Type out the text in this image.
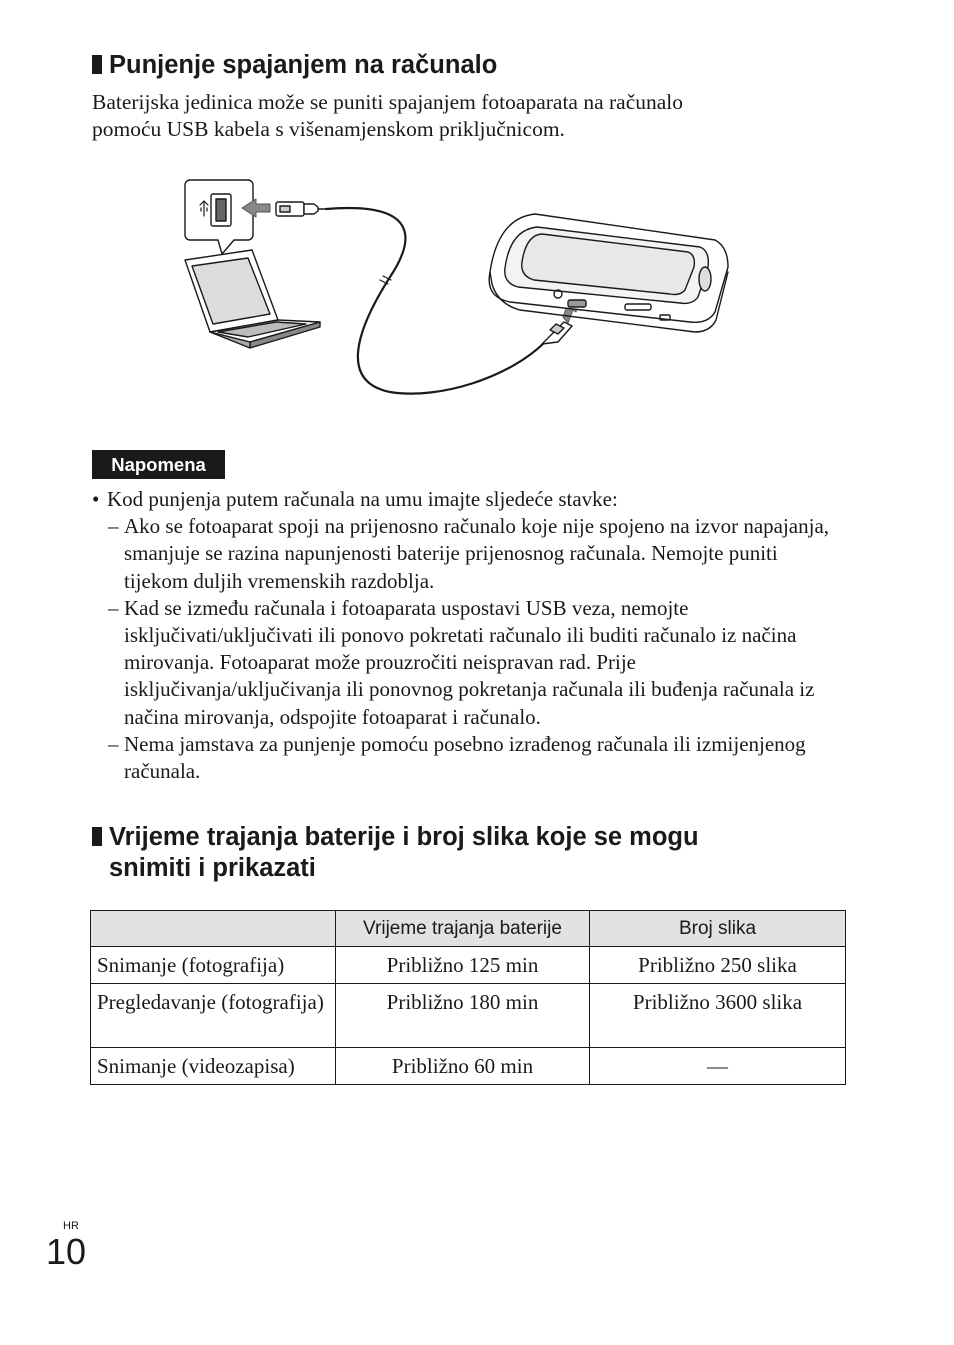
Punjenje spajanjem na računalo

Baterijska jedinica može se puniti spajanjem fotoaparata na računalo

pomoću USB kabela s višenamjenskom priključnicom.

Napomena
• Kod punjenja putem računala na umu imajte sljedeće stavke:
– Ako se fotoaparat spoji na prijenosno računalo koje nije spojeno na izvor napajanja, smanjuje se razina napunjenosti baterije prijenosnog računala. Nemojte puniti tijekom duljih vremenskih razdoblja.
– Kad se između računala i fotoaparata uspostavi USB veza, nemojte isključivati/uključivati ili ponovo pokretati računalo ili buditi računalo iz načina mirovanja. Fotoaparat može prouzročiti neispravan rad. Prije isključivanja/uključivanja ili ponovnog pokretanja računala ili buđenja računala iz načina mirovanja, odspojite fotoaparat i računalo.
– Nema jamstava za punjenje pomoću posebno izrađenog računala ili izmijenjenog računala.
Vrijeme trajanja baterije i broj slika koje se mogu
snimiti i prikazati
	Vrijeme trajanja baterije	Broj slika
Snimanje (fotografija)	Približno 125 min	Približno 250 slika
Pregledavanje (fotografija)	Približno 180 min	Približno 3600 slika
Snimanje (videozapisa)	Približno 60 min	—
HR
10
